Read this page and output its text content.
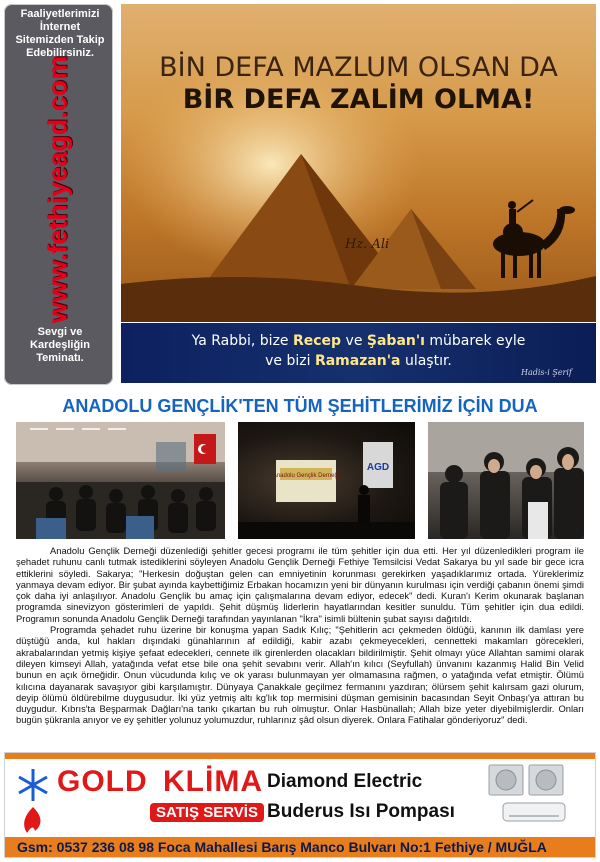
Faaliyetlerimizi İnternet Sitemizden Takip Edebilirsiniz.
www.fethiyeagd.com
Sevgi ve Kardeşliğin Teminatı.
BİN DEFA MAZLUM OLSAN DA
BİR DEFA ZALİM OLMA!
Hz. Ali
Ya Rabbi, bize Recep ve Şaban'ı mübarek eyle
ve bizi Ramazan'a ulaştır.
Hadis-i Şerif
ANADOLU GENÇLİK'TEN TÜM ŞEHİTLERİMİZ İÇİN DUA
Anadolu Gençlik Derneği
AGD

Anadolu Gençlik Derneği düzenlediği şehitler gecesi programı ile tüm şehitler için dua etti. Her yıl düzenledikleri program ile şehadet ruhunu canlı tutmak istediklerini söyleyen Anadolu Gençlik Derneği Fethiye Temsilcisi Vedat Sakarya bu yıl sade bir gece icra ettiklerini söyledi. Sakarya; "Herkesin doğuştan gelen can emniyetinin korunması gerekirken yaşadıklarımız ortada. Yüreklerimiz yanmaya devam ediyor. Bir şubat ayında kaybettiğimiz Erbakan hocamızın yeni bir dünyanın kurulması için verdiği çabanın önemi şimdi çok daha iyi anlaşılıyor. Anadolu Gençlik bu amaç için çalışmalarına devam ediyor, edecek" dedi. Kuran'ı Kerim okunarak başlanan programda sinevizyon gösterimleri de yapıldı. Şehit düşmüş liderlerin hayatlarından kesitler sunuldu. Tüm şehitler için dua edildi. Programın sonunda Anadolu Gençlik Derneği tarafından yayınlanan "İkra" isimli bültenin şubat sayısı dağıtıldı.

Programda şehadet ruhu üzerine bir konuşma yapan Sadık Kılıç; "Şehitlerin acı çekmeden öldüğü, kanının ilk damlası yere düştüğü anda, kul hakları dışındaki günahlarının af edildiği, kabir azabı çekmeyecekleri, cennetteki makamları görecekleri, akrabalarından yetmiş kişiye şefaat edecekleri, cennete ilk girenlerden olacakları bildirilmiştir. Şehit olmayı yüce Allahtan samimi olarak dileyen kimseyi Allah, yatağında vefat etse bile ona şehit sevabını verir. Allah'ın kılıcı (Seyfullah) ünvanını kazanmış Halid Bin Velid bunun en açık örneğidir. Onun vücudunda kılıç ve ok yarası bulunmayan yer olmamasına rağmen, o yatağında vefat etmiştir. Ölümü kılıcına dayanarak savaşıyor gibi karşılamıştır. Dünyaya Çanakkale geçilmez fermanını yazdıran; ölürsem şehit kalırsam gazi olurum, deyip ölümü öldürebilme duygusudur. İki yüz yetmiş altı kg'lık top mermisini düşman gemisinin bacasından Seyit Onbaşı'ya attıran bu duygudur. Kıbrıs'ta Beşparmak Dağları'na tankı çıkartan bu ruh olmuştur. Onlar Hasbünallah; Allah bize yeter diyebilmişlerdir. Onları bugün şükranla anıyor ve ey şehitler yolunuz yolumuzdur, ruhlarınız şâd olsun diyerek. Onlara Fatihalar gönderiyoruz" dedi.

GOLD KLİMA
SATIŞ SERVİS
Diamond Electric
Buderus Isı Pompası
Gsm: 0537 236 08 98 Foca Mahallesi Barış Manco Bulvarı No:1 Fethiye / MUĞLA
